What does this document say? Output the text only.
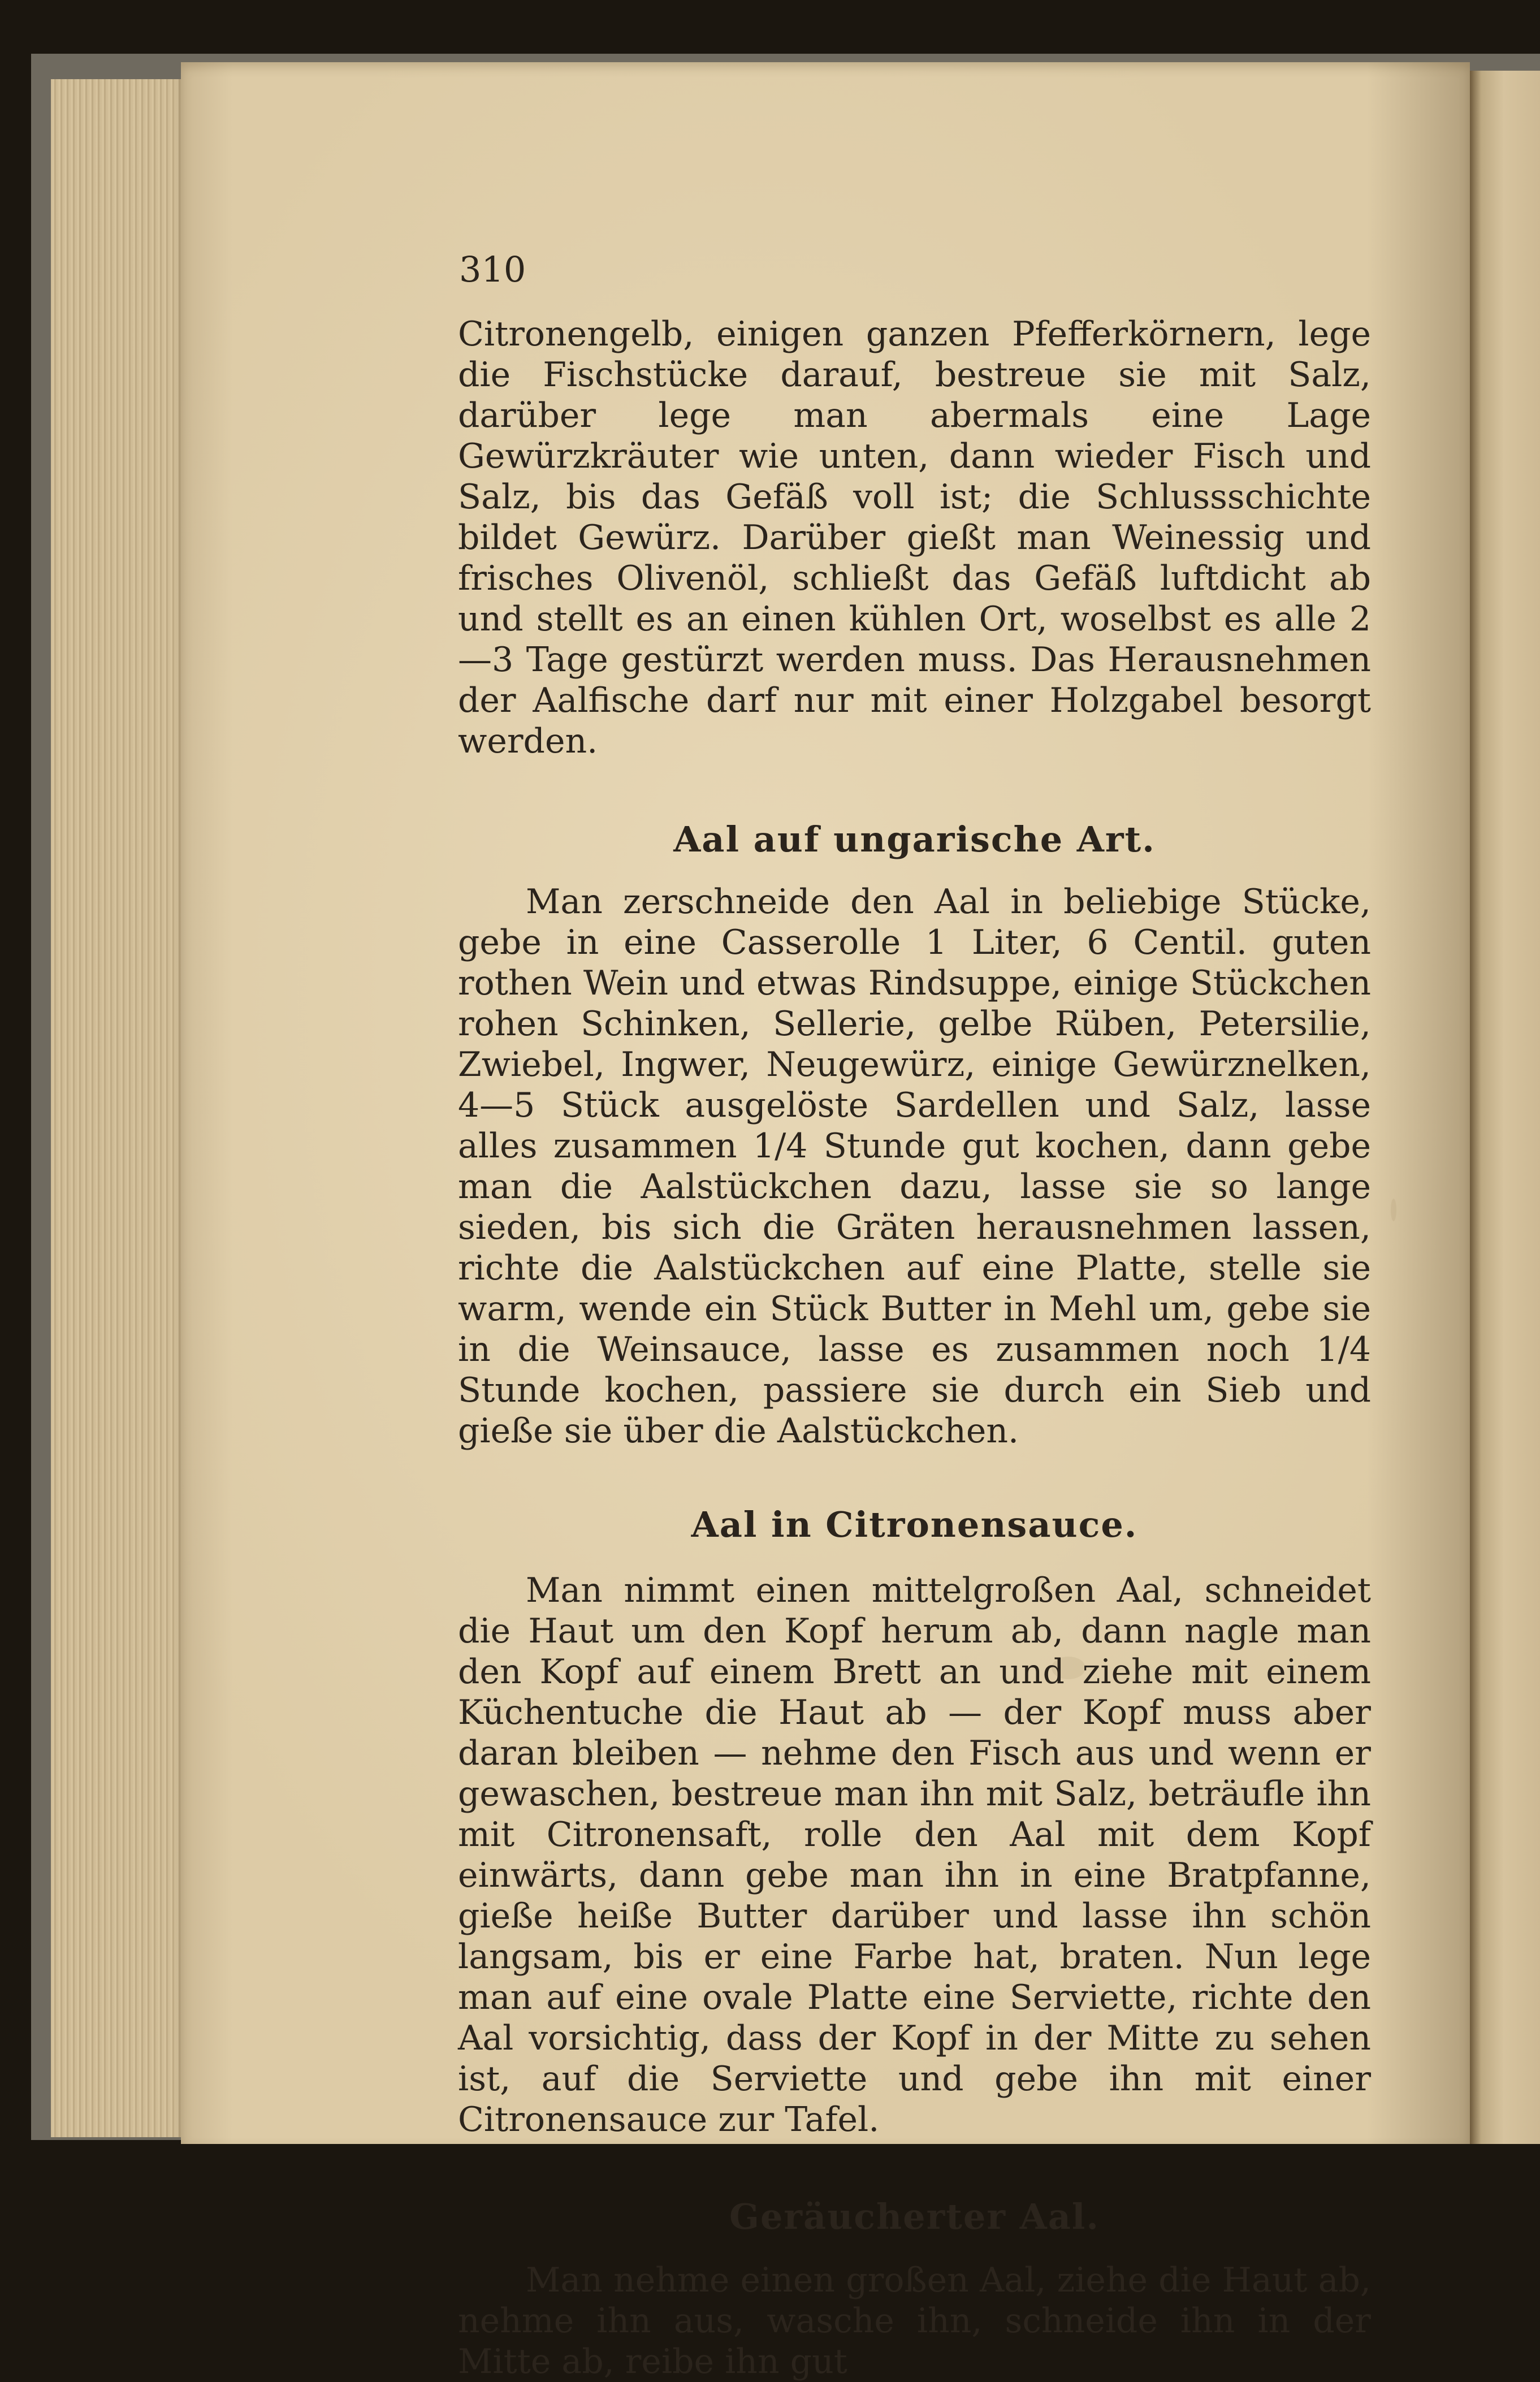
310

Citronengelb, einigen ganzen Pfefferkörnern, lege die Fischstücke darauf, bestreue sie mit Salz, darüber lege man abermals eine Lage Gewürzkräuter wie unten, dann wieder Fisch und Salz, bis das Gefäß voll ist; die Schlussschichte bildet Gewürz. Darüber gießt man Weinessig und frisches Olivenöl, schließt das Gefäß luftdicht ab und stellt es an einen kühlen Ort, woselbst es alle 2—3 Tage gestürzt werden muss. Das Herausnehmen der Aalfische darf nur mit einer Holzgabel besorgt werden.

Aal auf ungarische Art.

Man zerschneide den Aal in beliebige Stücke, gebe in eine Casserolle 1 Liter, 6 Centil. guten rothen Wein und etwas Rindsuppe, einige Stückchen rohen Schinken, Sellerie, gelbe Rüben, Petersilie, Zwiebel, Ingwer, Neugewürz, einige Gewürznelken, 4—5 Stück ausgelöste Sardellen und Salz, lasse alles zusammen 1/4 Stunde gut kochen, dann gebe man die Aalstückchen dazu, lasse sie so lange sieden, bis sich die Gräten herausnehmen lassen, richte die Aalstückchen auf eine Platte, stelle sie warm, wende ein Stück Butter in Mehl um, gebe sie in die Weinsauce, lasse es zusammen noch 1/4 Stunde kochen, passiere sie durch ein Sieb und gieße sie über die Aalstückchen.

Aal in Citronensauce.

Man nimmt einen mittelgroßen Aal, schneidet die Haut um den Kopf herum ab, dann nagle man den Kopf auf einem Brett an und ziehe mit einem Küchentuche die Haut ab — der Kopf muss aber daran bleiben — nehme den Fisch aus und wenn er gewaschen, bestreue man ihn mit Salz, beträufle ihn mit Citronensaft, rolle den Aal mit dem Kopf einwärts, dann gebe man ihn in eine Bratpfanne, gieße heiße Butter darüber und lasse ihn schön langsam, bis er eine Farbe hat, braten. Nun lege man auf eine ovale Platte eine Serviette, richte den Aal vorsichtig, dass der Kopf in der Mitte zu sehen ist, auf die Serviette und gebe ihn mit einer Citronensauce zur Tafel.

Geräucherter Aal.

Man nehme einen großen Aal, ziehe die Haut ab, nehme ihn aus, wasche ihn, schneide ihn in der Mitte ab, reibe ihn gut
